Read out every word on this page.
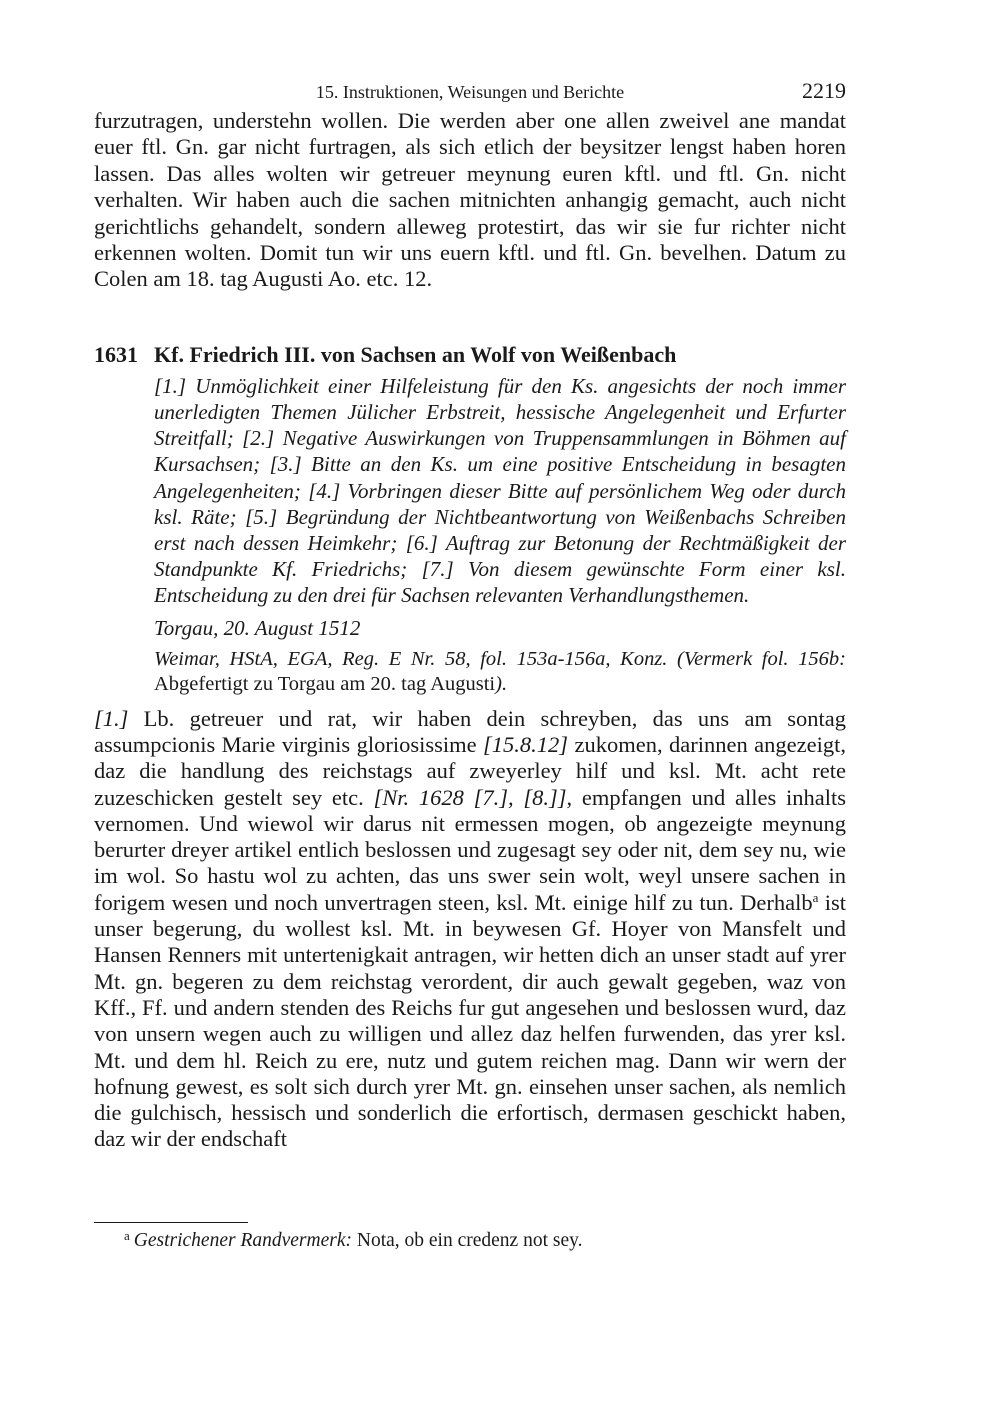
15. Instruktionen, Weisungen und Berichte	2219

furzutragen, understehn wollen. Die werden aber one allen zweivel ane mandat euer ftl. Gn. gar nicht furtragen, als sich etlich der beysitzer lengst haben horen lassen. Das alles wolten wir getreuer meynung euren kftl. und ftl. Gn. nicht verhalten. Wir haben auch die sachen mitnichten anhangig gemacht, auch nicht gerichtlichs gehandelt, sondern alleweg protestirt, das wir sie fur richter nicht erkennen wolten. Domit tun wir uns euern kftl. und ftl. Gn. bevelhen. Datum zu Colen am 18. tag Augusti Ao. etc. 12.

1631 Kf. Friedrich III. von Sachsen an Wolf von Weißenbach

[1.] Unmöglichkeit einer Hilfeleistung für den Ks. angesichts der noch immer unerledigten Themen Jülicher Erbstreit, hessische Angelegenheit und Erfurter Streitfall; [2.] Negative Auswirkungen von Truppensammlungen in Böhmen auf Kursachsen; [3.] Bitte an den Ks. um eine positive Entscheidung in besagten Angelegenheiten; [4.] Vorbringen dieser Bitte auf persönlichem Weg oder durch ksl. Räte; [5.] Begründung der Nichtbeantwortung von Weißenbachs Schreiben erst nach dessen Heimkehr; [6.] Auftrag zur Betonung der Rechtmäßigkeit der Standpunkte Kf. Friedrichs; [7.] Von diesem gewünschte Form einer ksl. Entscheidung zu den drei für Sachsen relevanten Verhandlungsthemen.

Torgau, 20. August 1512

Weimar, HStA, EGA, Reg. E Nr. 58, fol. 153a-156a, Konz. (Vermerk fol. 156b: Abgefertigt zu Torgau am 20. tag Augusti).

[1.] Lb. getreuer und rat, wir haben dein schreyben, das uns am sontag assumpcionis Marie virginis gloriosissime [15.8.12] zukomen, darinnen angezeigt, daz die handlung des reichstags auf zweyerley hilf und ksl. Mt. acht rete zuzeschicken gestelt sey etc. [Nr. 1628 [7.], [8.]], empfangen und alles inhalts vernomen. Und wiewol wir darus nit ermessen mogen, ob angezeigte meynung berurter dreyer artikel entlich beslossen und zugesagt sey oder nit, dem sey nu, wie im wol. So hastu wol zu achten, das uns swer sein wolt, weyl unsere sachen in forigem wesen und noch unvertragen steen, ksl. Mt. einige hilf zu tun. Derhalb$^a$ ist unser begerung, du wollest ksl. Mt. in beywesen Gf. Hoyer von Mansfelt und Hansen Renners mit untertenigkait antragen, wir hetten dich an unser stadt auf yrer Mt. gn. begeren zu dem reichstag verordent, dir auch gewalt gegeben, waz von Kff., Ff. und andern stenden des Reichs fur gut angesehen und beslossen wurd, daz von unsern wegen auch zu willigen und allez daz helfen furwenden, das yrer ksl. Mt. und dem hl. Reich zu ere, nutz und gutem reichen mag. Dann wir wern der hofnung gewest, es solt sich durch yrer Mt. gn. einsehen unser sachen, als nemlich die gulchisch, hessisch und sonderlich die erfortisch, dermasen geschickt haben, daz wir der endschaft

$^a$ Gestrichener Randvermerk: Nota, ob ein credenz not sey.
